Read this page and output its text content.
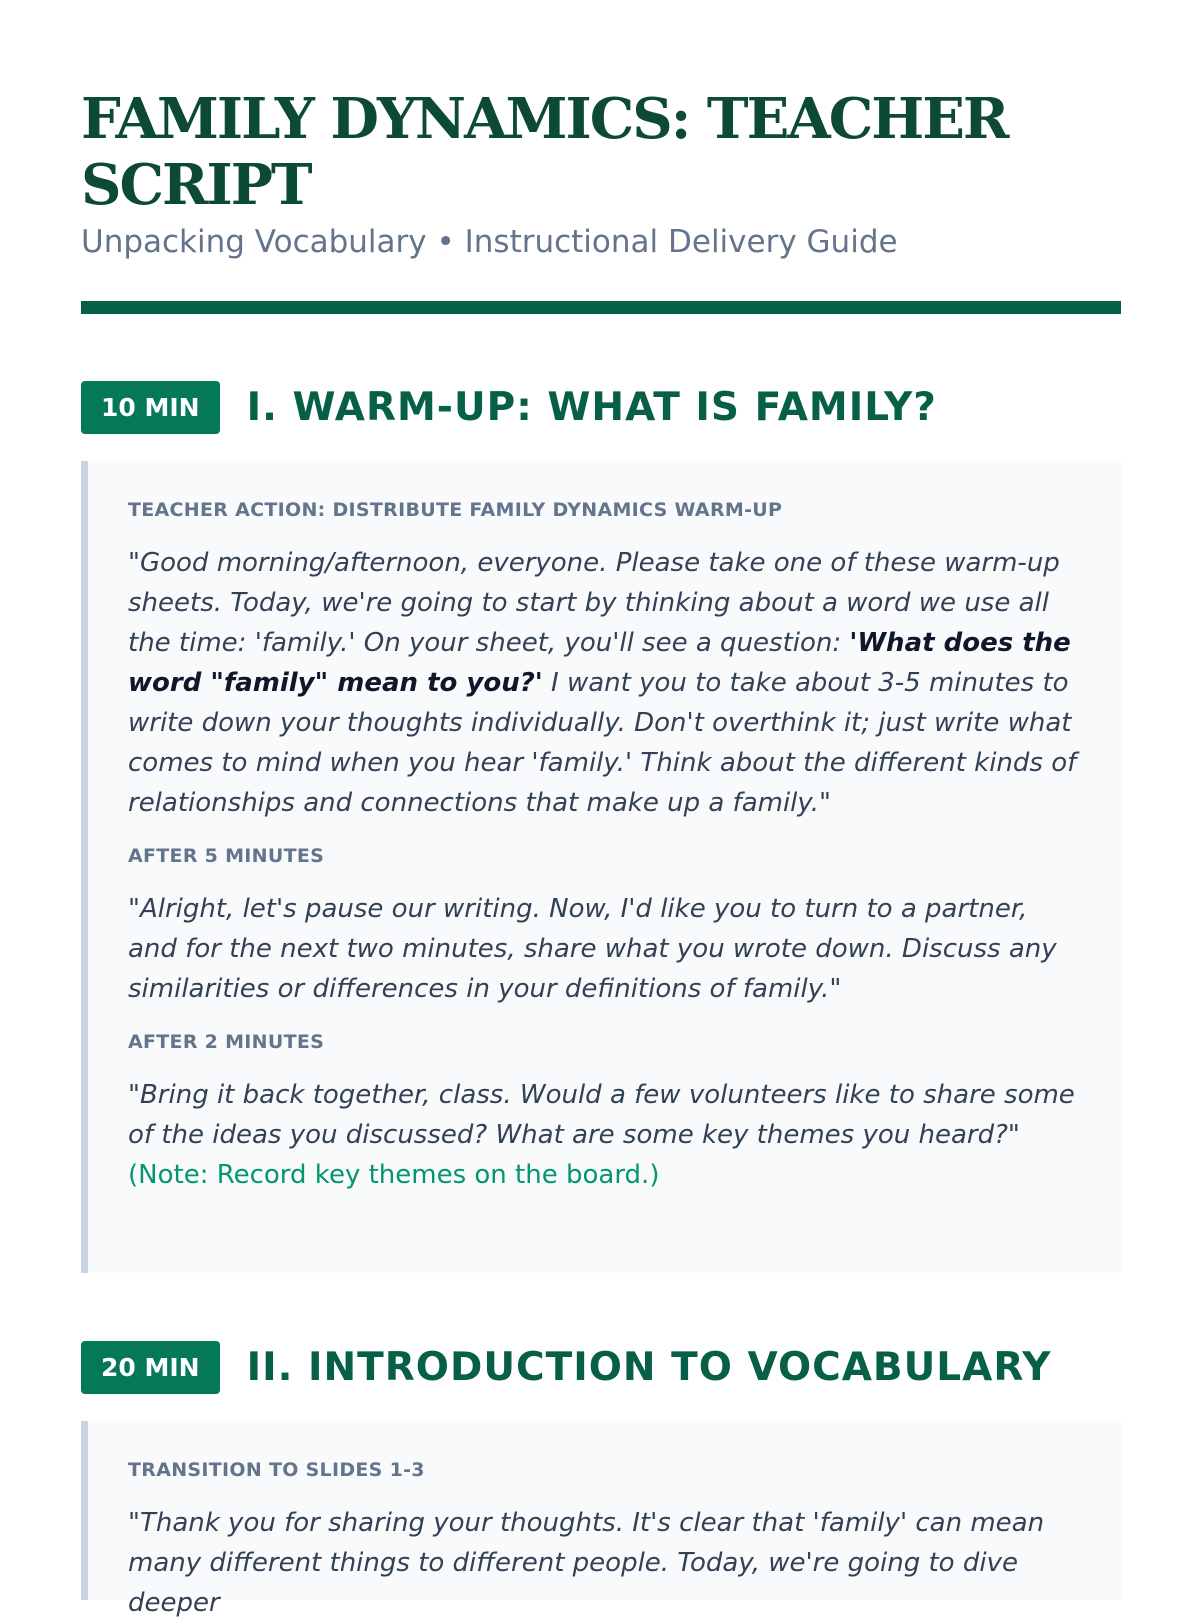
FAMILY DYNAMICS: TEACHER SCRIPT
Unpacking Vocabulary • Instructional Delivery Guide
10 MIN	I. WARM-UP: WHAT IS FAMILY?
TEACHER ACTION: DISTRIBUTE FAMILY DYNAMICS WARM-UP

"Good morning/afternoon, everyone. Please take one of these warm-up sheets. Today, we're going to start by thinking about a word we use all the time: 'family.' On your sheet, you'll see a question: 'What does the word "family" mean to you?' I want you to take about 3-5 minutes to write down your thoughts individually. Don't overthink it; just write what comes to mind when you hear 'family.' Think about the different kinds of relationships and connections that make up a family."

AFTER 5 MINUTES

"Alright, let's pause our writing. Now, I'd like you to turn to a partner, and for the next two minutes, share what you wrote down. Discuss any similarities or differences in your definitions of family."

AFTER 2 MINUTES

"Bring it back together, class. Would a few volunteers like to share some of the ideas you discussed? What are some key themes you heard?" (Note: Record key themes on the board.)

20 MIN	II. INTRODUCTION TO VOCABULARY
TRANSITION TO SLIDES 1-3

"Thank you for sharing your thoughts. It's clear that 'family' can mean many different things to different people. Today, we're going to dive deeper
